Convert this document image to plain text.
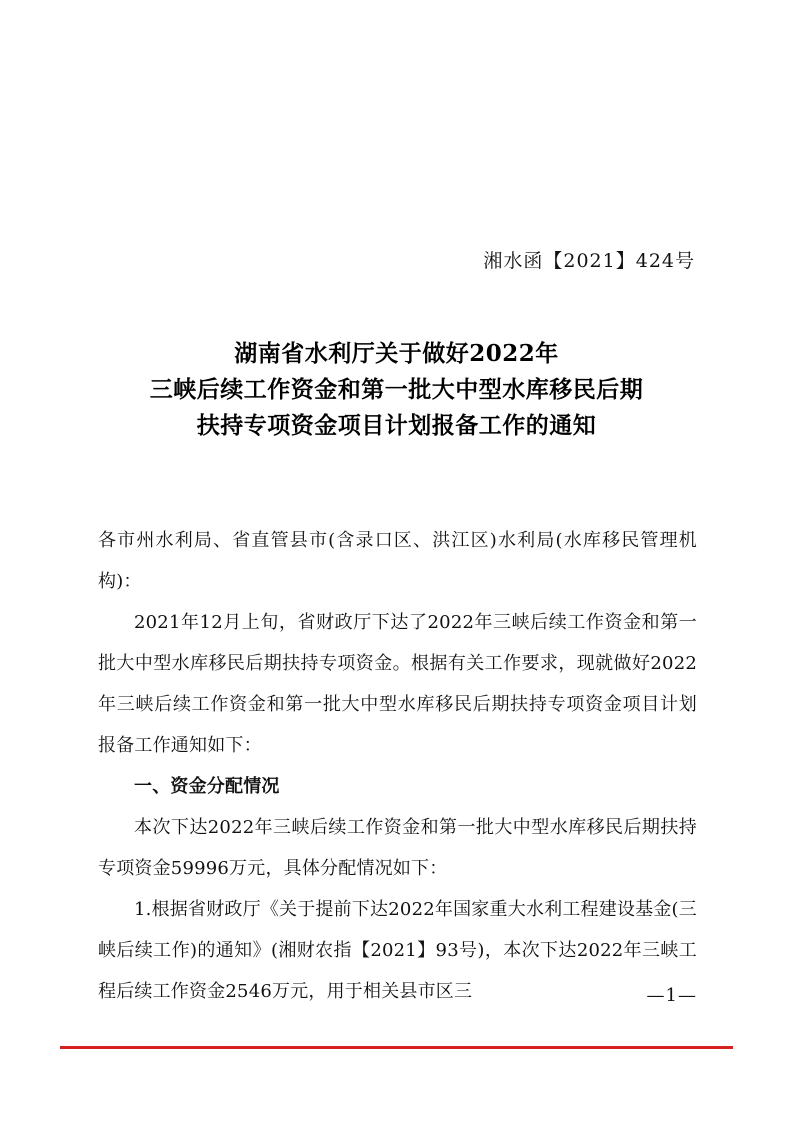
湘水函【2021】424号
湖南省水利厅关于做好2022年
三峡后续工作资金和第一批大中型水库移民后期
扶持专项资金项目计划报备工作的通知

各市州水利局、省直管县市(含录口区、洪江区)水利局(水库移民管理机构)：

2021年12月上旬，省财政厅下达了2022年三峡后续工作资金和第一批大中型水库移民后期扶持专项资金。根据有关工作要求，现就做好2022年三峡后续工作资金和第一批大中型水库移民后期扶持专项资金项目计划报备工作通知如下：

一、资金分配情况

本次下达2022年三峡后续工作资金和第一批大中型水库移民后期扶持专项资金59996万元，具体分配情况如下：

1.根据省财政厅《关于提前下达2022年国家重大水利工程建设基金(三峡后续工作)的通知》(湘财农指【2021】93号)，本次下达2022年三峡工程后续工作资金2546万元，用于相关县市区三	—1—
